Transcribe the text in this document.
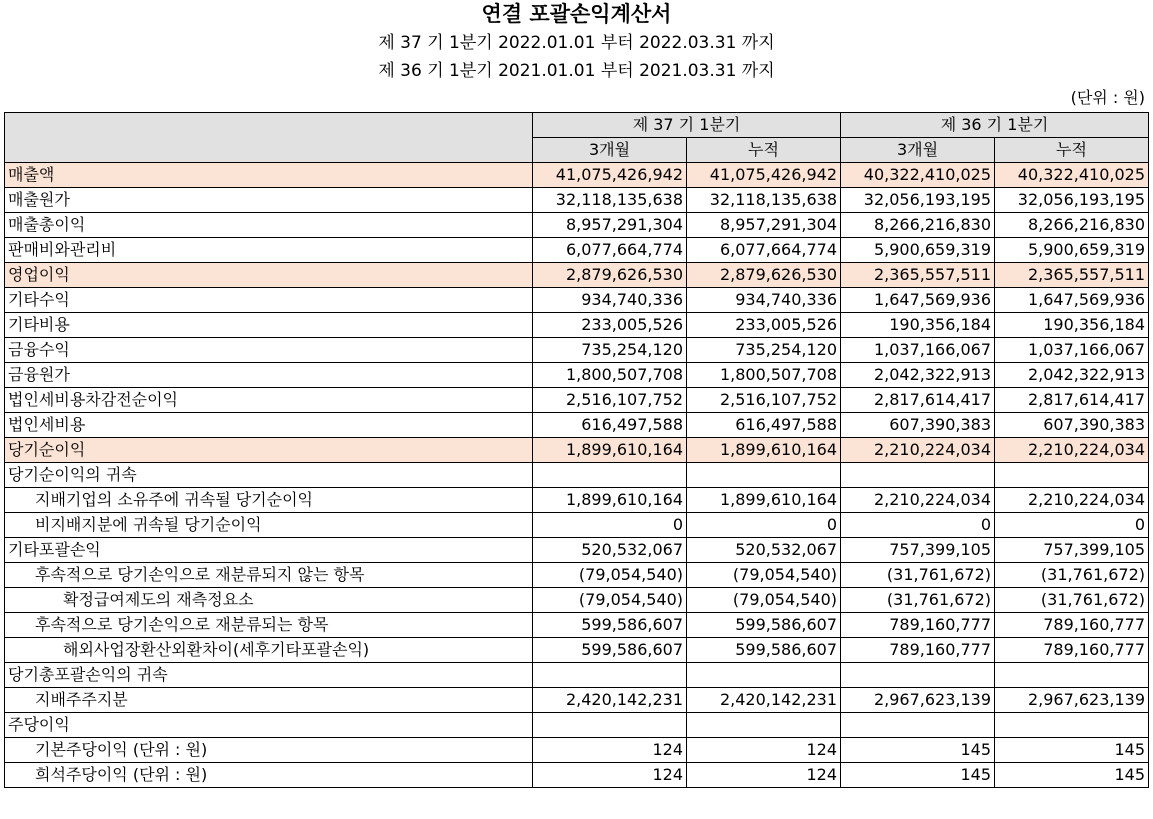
연결 포괄손익계산서
제 37 기 1분기 2022.01.01 부터 2022.03.31 까지
제 36 기 1분기 2021.01.01 부터 2021.03.31 까지
(단위 : 원)
	제 37 기 1분기		제 36 기 1분기	
	3개월	누적	3개월	누적
매출액	41,075,426,942	41,075,426,942	40,322,410,025	40,322,410,025
매출원가	32,118,135,638	32,118,135,638	32,056,193,195	32,056,193,195
매출총이익	8,957,291,304	8,957,291,304	8,266,216,830	8,266,216,830
판매비와관리비	6,077,664,774	6,077,664,774	5,900,659,319	5,900,659,319
영업이익	2,879,626,530	2,879,626,530	2,365,557,511	2,365,557,511
기타수익	934,740,336	934,740,336	1,647,569,936	1,647,569,936
기타비용	233,005,526	233,005,526	190,356,184	190,356,184
금융수익	735,254,120	735,254,120	1,037,166,067	1,037,166,067
금융원가	1,800,507,708	1,800,507,708	2,042,322,913	2,042,322,913
법인세비용차감전순이익	2,516,107,752	2,516,107,752	2,817,614,417	2,817,614,417
법인세비용	616,497,588	616,497,588	607,390,383	607,390,383
당기순이익	1,899,610,164	1,899,610,164	2,210,224,034	2,210,224,034
당기순이익의 귀속				
지배기업의 소유주에 귀속될 당기순이익	1,899,610,164	1,899,610,164	2,210,224,034	2,210,224,034
비지배지분에 귀속될 당기순이익	0	0	0	0
기타포괄손익	520,532,067	520,532,067	757,399,105	757,399,105
후속적으로 당기손익으로 재분류되지 않는 항목	(79,054,540)	(79,054,540)	(31,761,672)	(31,761,672)
확정급여제도의 재측정요소	(79,054,540)	(79,054,540)	(31,761,672)	(31,761,672)
후속적으로 당기손익으로 재분류되는 항목	599,586,607	599,586,607	789,160,777	789,160,777
해외사업장환산외환차이(세후기타포괄손익)	599,586,607	599,586,607	789,160,777	789,160,777
당기총포괄손익의 귀속				
지배주주지분	2,420,142,231	2,420,142,231	2,967,623,139	2,967,623,139
주당이익				
기본주당이익 (단위 : 원)	124	124	145	145
희석주당이익 (단위 : 원)	124	124	145	145
